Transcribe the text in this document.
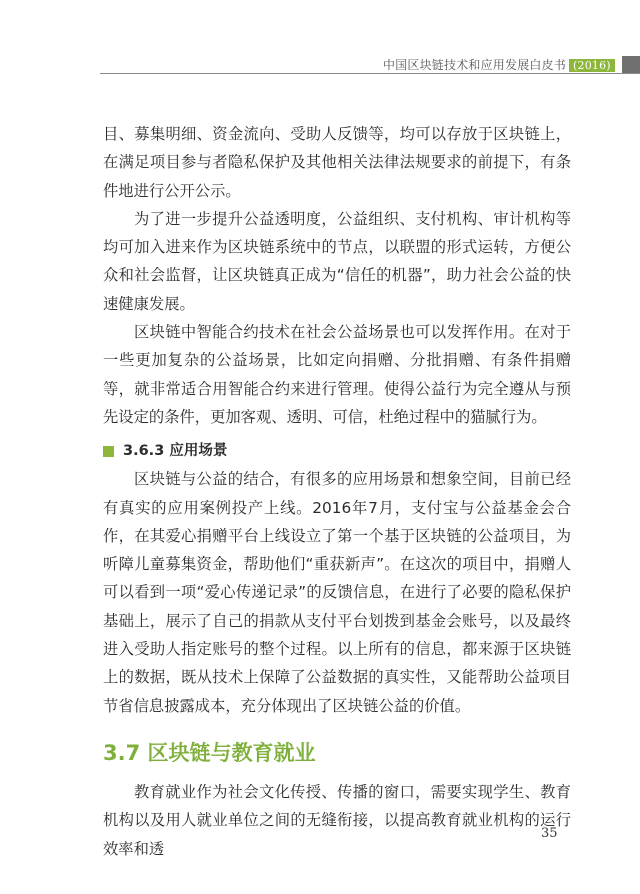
中国区块链技术和应用发展白皮书 (2016)

目、募集明细、资金流向、受助人反馈等，均可以存放于区块链上，在满足项目参与者隐私保护及其他相关法律法规要求的前提下，有条件地进行公开公示。

为了进一步提升公益透明度，公益组织、支付机构、审计机构等均可加入进来作为区块链系统中的节点，以联盟的形式运转，方便公众和社会监督，让区块链真正成为“信任的机器”，助力社会公益的快速健康发展。

区块链中智能合约技术在社会公益场景也可以发挥作用。在对于一些更加复杂的公益场景，比如定向捐赠、分批捐赠、有条件捐赠等，就非常适合用智能合约来进行管理。使得公益行为完全遵从与预先设定的条件，更加客观、透明、可信，杜绝过程中的猫腻行为。

3.6.3 应用场景

区块链与公益的结合，有很多的应用场景和想象空间，目前已经有真实的应用案例投产上线。2016年7月，支付宝与公益基金会合作，在其爱心捐赠平台上线设立了第一个基于区块链的公益项目，为听障儿童募集资金，帮助他们“重获新声”。在这次的项目中，捐赠人可以看到一项“爱心传递记录”的反馈信息，在进行了必要的隐私保护基础上，展示了自己的捐款从支付平台划拨到基金会账号，以及最终进入受助人指定账号的整个过程。以上所有的信息，都来源于区块链上的数据，既从技术上保障了公益数据的真实性，又能帮助公益项目节省信息披露成本，充分体现出了区块链公益的价值。

3.7 区块链与教育就业

教育就业作为社会文化传授、传播的窗口，需要实现学生、教育机构以及用人就业单位之间的无缝衔接，以提高教育就业机构的运行效率和透

35
